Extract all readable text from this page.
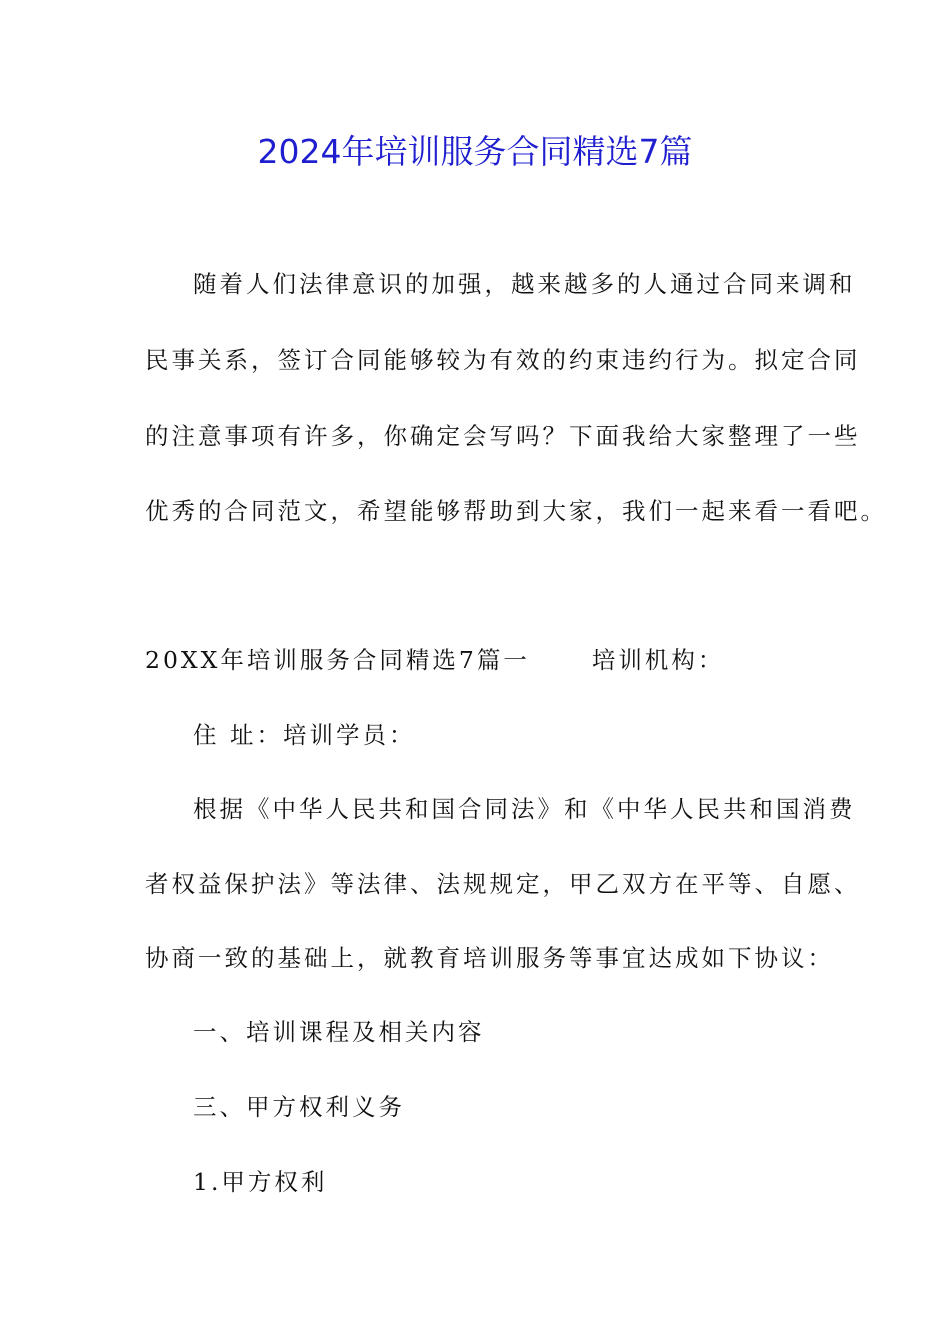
2024年培训服务合同精选7篇
随着人们法律意识的加强，越来越多的人通过合同来调和
民事关系，签订合同能够较为有效的约束违约行为。拟定合同
的注意事项有许多，你确定会写吗？下面我给大家整理了一些
优秀的合同范文，希望能够帮助到大家，我们一起来看一看吧。
20XX年培训服务合同精选7篇一	培训机构：
住 址：培训学员：
根据《中华人民共和国合同法》和《中华人民共和国消费
者权益保护法》等法律、法规规定，甲乙双方在平等、自愿、
协商一致的基础上，就教育培训服务等事宜达成如下协议：
一、培训课程及相关内容
三、甲方权利义务
1.甲方权利
